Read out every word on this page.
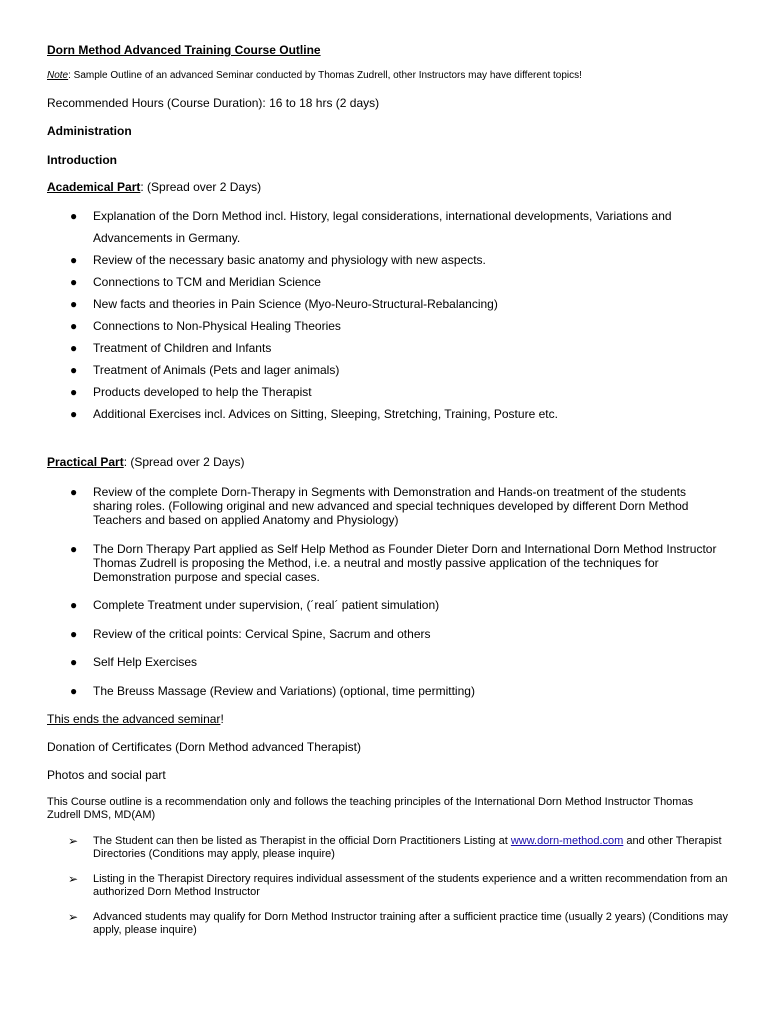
Dorn Method Advanced Training Course Outline

Note: Sample Outline of an advanced Seminar conducted by Thomas Zudrell, other Instructors may have different topics!

Recommended Hours (Course Duration): 16 to 18 hrs (2 days)

Administration

Introduction

Academical Part: (Spread over 2 Days)

● Explanation of the Dorn Method incl. History, legal considerations, international developments, Variations and Advancements in Germany.
● Review of the necessary basic anatomy and physiology with new aspects.
● Connections to TCM and Meridian Science
● New facts and theories in Pain Science (Myo-Neuro-Structural-Rebalancing)
● Connections to Non-Physical Healing Theories
● Treatment of Children and Infants
● Treatment of Animals (Pets and lager animals)
● Products developed to help the Therapist
● Additional Exercises incl. Advices on Sitting, Sleeping, Stretching, Training, Posture etc.

Practical Part: (Spread over 2 Days)

● Review of the complete Dorn-Therapy in Segments with Demonstration and Hands-on treatment of the students sharing roles. (Following original and new advanced and special techniques developed by different Dorn Method Teachers and based on applied Anatomy and Physiology)
● The Dorn Therapy Part applied as Self Help Method as Founder Dieter Dorn and International Dorn Method Instructor Thomas Zudrell is proposing the Method, i.e. a neutral and mostly passive application of the techniques for Demonstration purpose and special cases.
● Complete Treatment under supervision, (´real´ patient simulation)
● Review of the critical points: Cervical Spine, Sacrum and others
● Self Help Exercises
● The Breuss Massage (Review and Variations) (optional, time permitting)

This ends the advanced seminar!

Donation of Certificates (Dorn Method advanced Therapist)

Photos and social part

This Course outline is a recommendation only and follows the teaching principles of the International Dorn Method Instructor Thomas Zudrell DMS, MD(AM)

➢ The Student can then be listed as Therapist in the official Dorn Practitioners Listing at www.dorn-method.com and other Therapist Directories (Conditions may apply, please inquire)
➢ Listing in the Therapist Directory requires individual assessment of the students experience and a written recommendation from an authorized Dorn Method Instructor
➢ Advanced students may qualify for Dorn Method Instructor training after a sufficient practice time (usually 2 years) (Conditions may apply, please inquire)
